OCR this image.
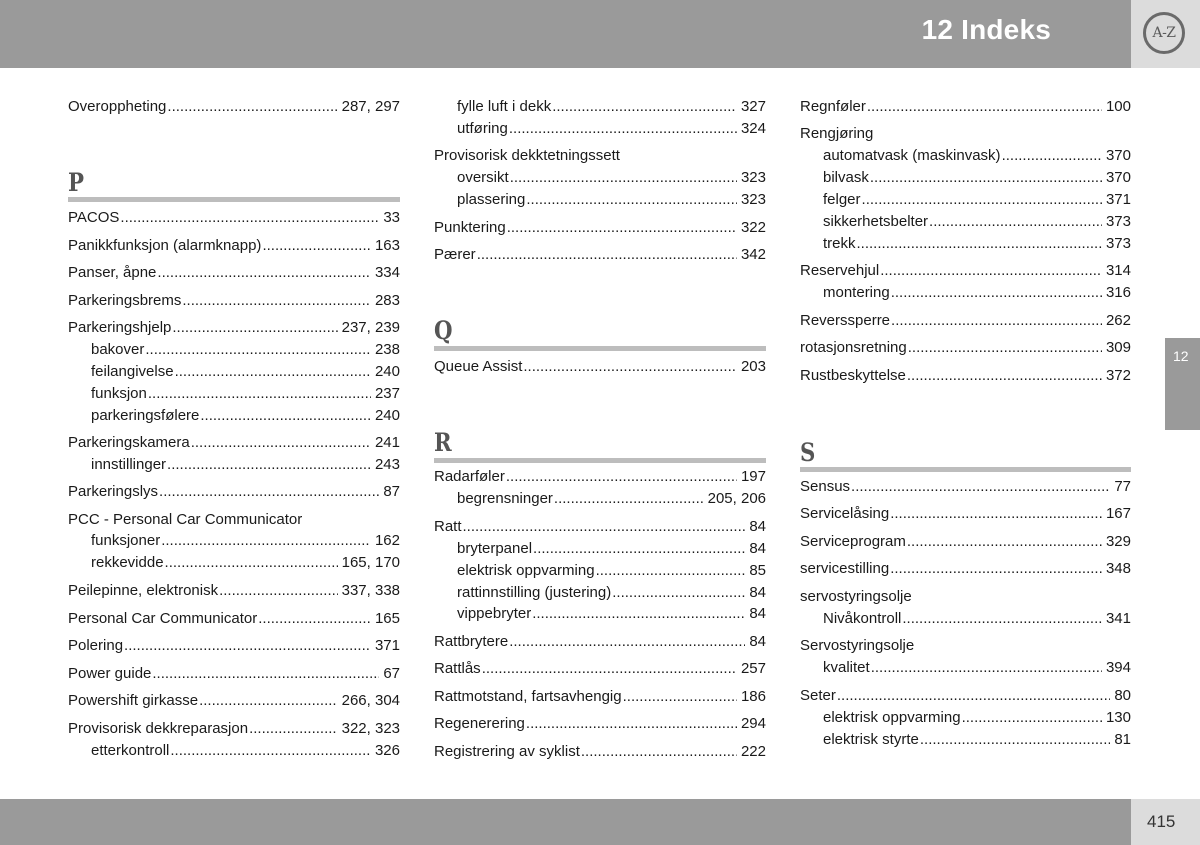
12 Indeks	A-Z
12
Overoppheting .....	287, 297
P
PACOS .....	33
Panikkfunksjon (alarmknapp) .....	163
Panser, åpne .....	334
Parkeringsbrems .....	283
Parkeringshjelp .....	237, 239
bakover .....	238
feilangivelse .....	240
funksjon .....	237
parkeringsfølere .....	240
Parkeringskamera .....	241
innstillinger .....	243
Parkeringslys .....	87
PCC - Personal Car Communicator
funksjoner .....	162
rekkevidde .....	165, 170
Peilepinne, elektronisk .....	337, 338
Personal Car Communicator .....	165
Polering .....	371
Power guide .....	67
Powershift girkasse .....	266, 304
Provisorisk dekkreparasjon .....	322, 323
etterkontroll .....	326
fylle luft i dekk .....	327
utføring .....	324
Provisorisk dekktetningssett
oversikt .....	323
plassering .....	323
Punktering .....	322
Pærer .....	342
Q
Queue Assist .....	203
R
Radarføler .....	197
begrensninger .....	205, 206
Ratt .....	84
bryterpanel .....	84
elektrisk oppvarming .....	85
rattinnstilling (justering) .....	84
vippebryter .....	84
Rattbrytere .....	84
Rattlås .....	257
Rattmotstand, fartsavhengig .....	186
Regenerering .....	294
Registrering av syklist .....	222
Regnføler .....	100
Rengjøring
automatvask (maskinvask) .....	370
bilvask .....	370
felger .....	371
sikkerhetsbelter .....	373
trekk .....	373
Reservehjul .....	314
montering .....	316
Reverssperre .....	262
rotasjonsretning .....	309
Rustbeskyttelse .....	372
S
Sensus .....	77
Servicelåsing .....	167
Serviceprogram .....	329
servicestilling .....	348
servostyringsolje
Nivåkontroll .....	341
Servostyringsolje
kvalitet .....	394
Seter .....	80
elektrisk oppvarming .....	130
elektrisk styrte .....	81
415
